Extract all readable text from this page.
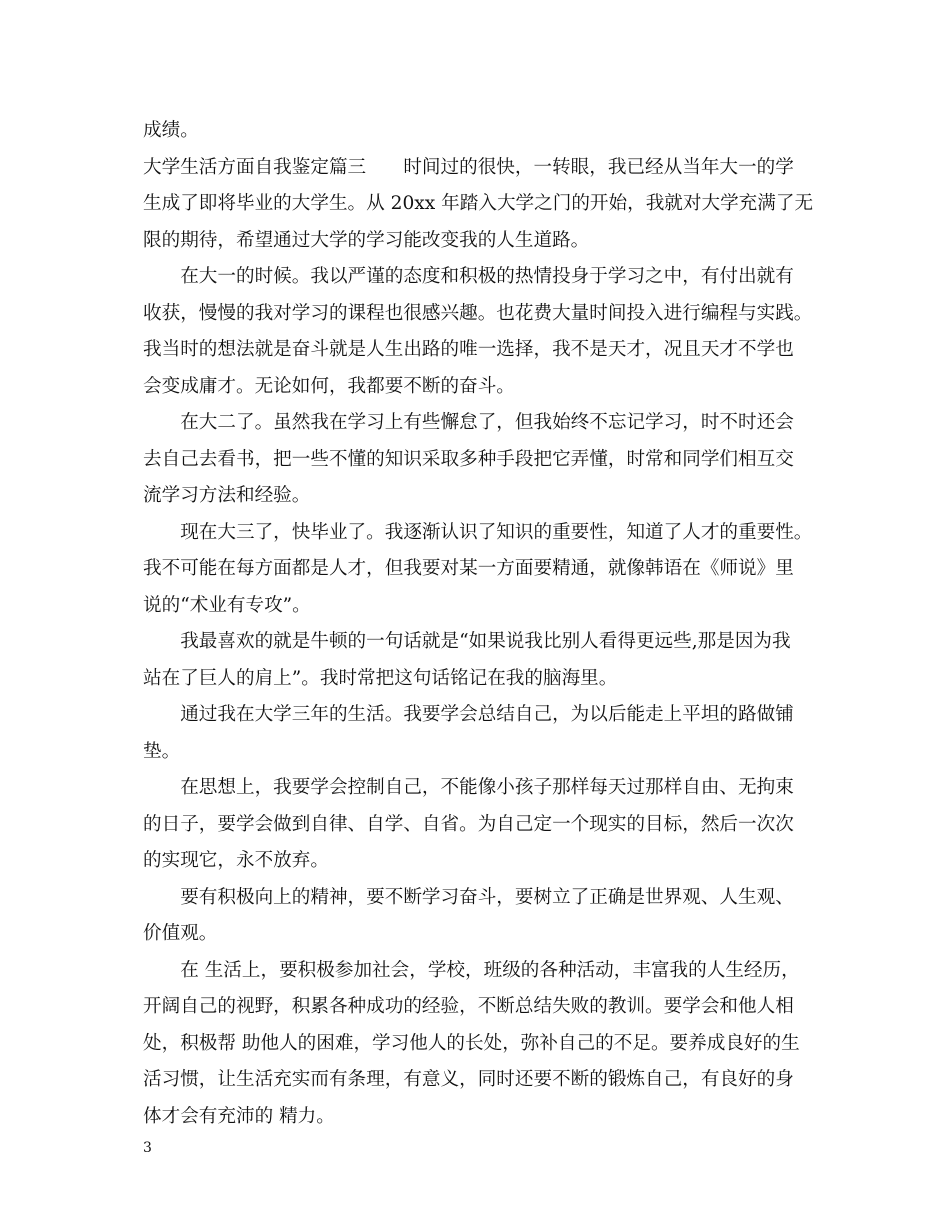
成绩。
大学生活方面自我鉴定篇三　　时间过的很快，一转眼，我已经从当年大一的学
生成了即将毕业的大学生。从 20xx 年踏入大学之门的开始，我就对大学充满了无
限的期待，希望通过大学的学习能改变我的人生道路。
　　在大一的时候。我以严谨的态度和积极的热情投身于学习之中，有付出就有
收获，慢慢的我对学习的课程也很感兴趣。也花费大量时间投入进行编程与实践。
我当时的想法就是奋斗就是人生出路的唯一选择，我不是天才，况且天才不学也
会变成庸才。无论如何，我都要不断的奋斗。
　　在大二了。虽然我在学习上有些懈怠了，但我始终不忘记学习，时不时还会
去自己去看书，把一些不懂的知识采取多种手段把它弄懂，时常和同学们相互交
流学习方法和经验。
　　现在大三了，快毕业了。我逐渐认识了知识的重要性，知道了人才的重要性。
我不可能在每方面都是人才，但我要对某一方面要精通，就像韩语在《师说》里
说的“术业有专攻”。
　　我最喜欢的就是牛顿的一句话就是“如果说我比别人看得更远些,那是因为我
站在了巨人的肩上”。我时常把这句话铭记在我的脑海里。
　　通过我在大学三年的生活。我要学会总结自己，为以后能走上平坦的路做铺
垫。
　　在思想上，我要学会控制自己，不能像小孩子那样每天过那样自由、无拘束
的日子，要学会做到自律、自学、自省。为自己定一个现实的目标，然后一次次
的实现它，永不放弃。
　　要有积极向上的精神，要不断学习奋斗，要树立了正确是世界观、人生观、
价值观。
　　在 生活上，要积极参加社会，学校，班级的各种活动，丰富我的人生经历，
开阔自己的视野，积累各种成功的经验，不断总结失败的教训。要学会和他人相
处，积极帮 助他人的困难，学习他人的长处，弥补自己的不足。要养成良好的生
活习惯，让生活充实而有条理，有意义，同时还要不断的锻炼自己，有良好的身
体才会有充沛的 精力。
3
